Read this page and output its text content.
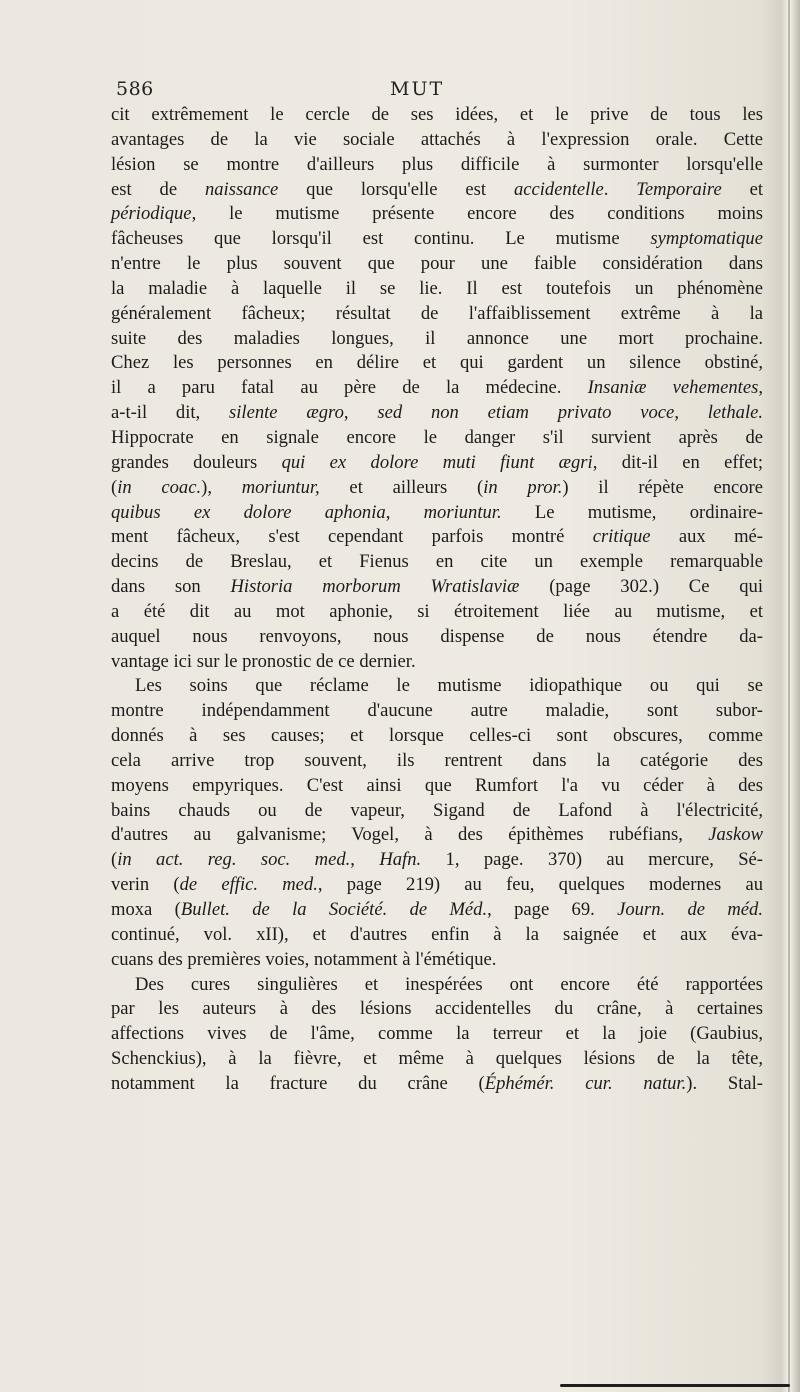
586	MUT
cit extrêmement le cercle de ses idées, et le prive de tous les
avantages de la vie sociale attachés à l'expression orale. Cette
lésion se montre d'ailleurs plus difficile à surmonter lorsqu'elle
est de naissance que lorsqu'elle est accidentelle. Temporaire et
périodique, le mutisme présente encore des conditions moins
fâcheuses que lorsqu'il est continu. Le mutisme symptomatique
n'entre le plus souvent que pour une faible considération dans
la maladie à laquelle il se lie. Il est toutefois un phénomène
généralement fâcheux; résultat de l'affaiblissement extrême à la
suite des maladies longues, il annonce une mort prochaine.
Chez les personnes en délire et qui gardent un silence obstiné,
il a paru fatal au père de la médecine. Insaniæ vehementes,
a-t-il dit, silente ægro, sed non etiam privato voce, lethale.
Hippocrate en signale encore le danger s'il survient après de
grandes douleurs qui ex dolore muti fiunt ægri, dit-il en effet;
(in coac.), moriuntur, et ailleurs (in pror.) il répète encore
quibus ex dolore aphonia, moriuntur. Le mutisme, ordinaire-
ment fâcheux, s'est cependant parfois montré critique aux mé-
decins de Breslau, et Fienus en cite un exemple remarquable
dans son Historia morborum Wratislaviæ (page 302.) Ce qui
a été dit au mot aphonie, si étroitement liée au mutisme, et
auquel nous renvoyons, nous dispense de nous étendre da-
vantage ici sur le pronostic de ce dernier.
Les soins que réclame le mutisme idiopathique ou qui se
montre indépendamment d'aucune autre maladie, sont subor-
donnés à ses causes; et lorsque celles-ci sont obscures, comme
cela arrive trop souvent, ils rentrent dans la catégorie des
moyens empyriques. C'est ainsi que Rumfort l'a vu céder à des
bains chauds ou de vapeur, Sigand de Lafond à l'électricité,
d'autres au galvanisme; Vogel, à des épithèmes rubéfians, Jaskow
(in act. reg. soc. med., Hafn. 1, page. 370) au mercure, Sé-
verin (de effic. med., page 219) au feu, quelques modernes au
moxa (Bullet. de la Société. de Méd., page 69. Journ. de méd.
continué, vol. xII), et d'autres enfin à la saignée et aux éva-
cuans des premières voies, notamment à l'émétique.
Des cures singulières et inespérées ont encore été rapportées
par les auteurs à des lésions accidentelles du crâne, à certaines
affections vives de l'âme, comme la terreur et la joie (Gaubius,
Schenckius), à la fièvre, et même à quelques lésions de la tête,
notamment la fracture du crâne (Éphémér. cur. natur.). Stal-
